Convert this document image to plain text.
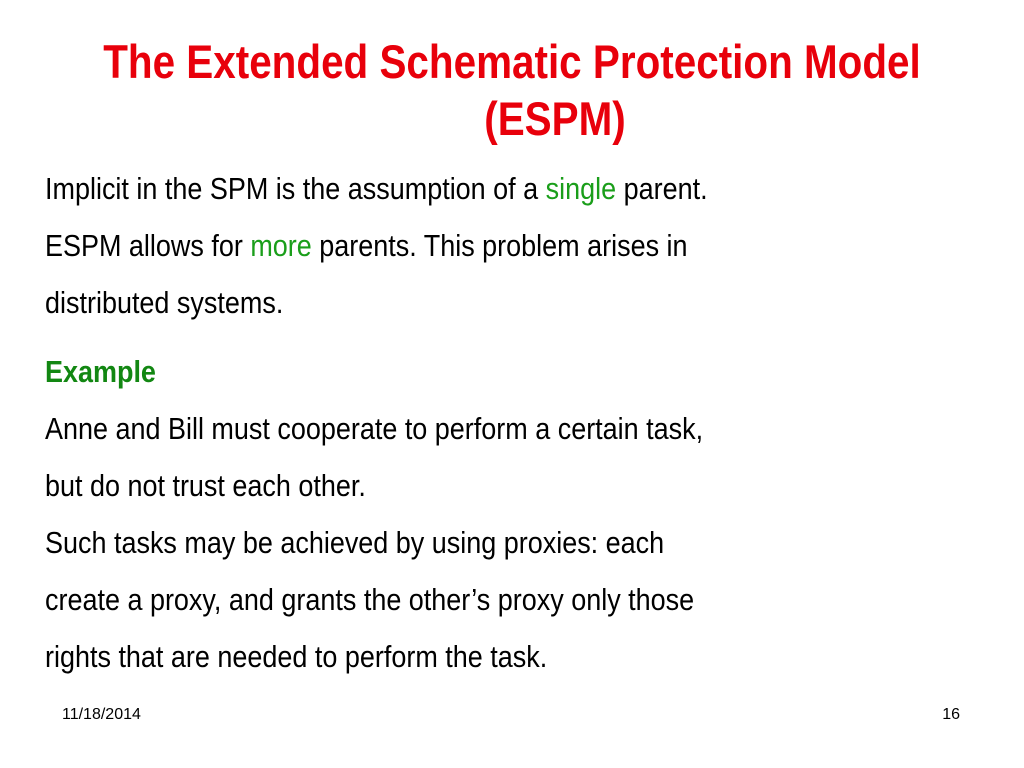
The Extended Schematic Protection Model
(ESPM)
Implicit in the SPM is the assumption of a single parent.
ESPM allows for more parents. This problem arises in
distributed systems.
Example
Anne and Bill must cooperate to perform a certain task,
but do not trust each other.
Such tasks may be achieved by using proxies: each
create a proxy, and grants the other’s proxy only those
rights that are needed to perform the task.
11/18/2014	16
